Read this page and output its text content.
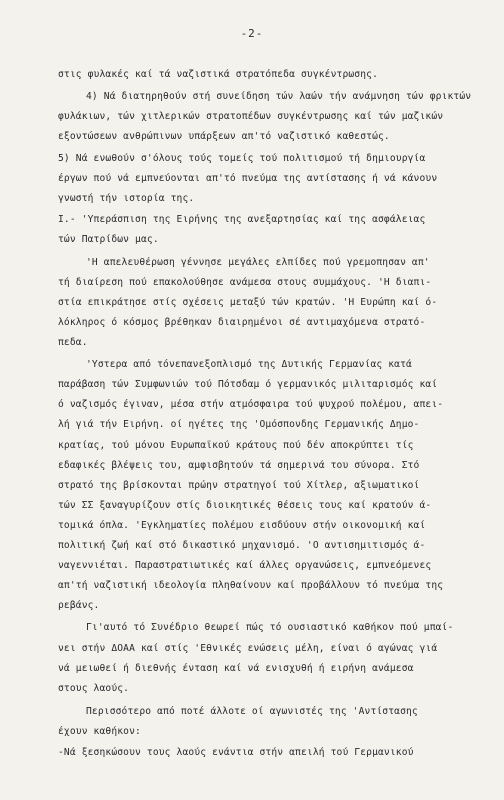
-2-
στις φυλακές καί τά ναζιστικά στρατόπεδα συγκέντρωσης.
4) Νά διατηρηθούν στή συνείδηση τών λαών τήν ανάμνηση τών φρικτών
φυλάκιων, τών χιτλερικών στρατοπέδων συγκέντρωσης καί τών μαζικών
εξοντώσεων ανθρώπινων υπάρξεων απ'τό ναζιστικό καθεστώς.
5) Νά ενωθούν σ'όλους τούς τομείς τού πολιτισμού τή δημιουργία
έργων πού νά εμπνεύονται απ'τό πνεύμα της αντίστασης ή νά κάνουν
γνωστή τήν ιστορία της.
Ι.- 'Υπεράσπιση της Ειρήνης της ανεξαρτησίας καί της ασφάλειας
τών Πατρίδων μας.
'Η απελευθέρωση γέννησε μεγάλες ελπίδες πού γρεμοπησαν απ'
τή διαίρεση πού επακολούθησε ανάμεσα στους συμμάχους. 'Η διαπι-
στία επικράτησε στίς σχέσεις μεταξύ τών κρατών. 'Η Ευρώπη καί ό-
λόκληρος ό κόσμος βρέθηκαν διαιρημένοι σέ αντιμαχόμενα στρατό-
πεδα.
'Υστερα από τόνεπανεξοπλισμό της Δυτικής Γερμανίας κατά
παράβαση τών Συμφωνιών τού Πότσδαμ ό γερμανικός μιλιταρισμός καί
ό ναζισμός έγιναν, μέσα στήν ατμόσφαιρα τού ψυχρού πολέμου, απει-
λή γιά τήν Ειρήνη. οί ηγέτες της 'Ομόσπονδης Γερμανικής Δημο-
κρατίας, τού μόνου Ευρωπαϊκού κράτους πού δέν αποκρύπτει τίς
εδαφικές βλέψεις του, αμφισβητούν τά σημερινά του σύνορα. Στό
στρατό της βρίσκονται πρώην στρατηγοί τού Χίτλερ, αξιωματικοί
τών ΣΣ ξαναγυρίζουν στίς διοικητικές θέσεις τους καί κρατούν ά-
τομικά όπλα. 'Εγκληματίες πολέμου εισδύουν στήν οικονομική καί
πολιτική ζωή καί στό δικαστικό μηχανισμό. 'Ο αντισημιτισμός ά-
ναγεννιέται. Παραστρατιωτικές καί άλλες οργανώσεις, εμπνεόμενες
απ'τή ναζιστική ιδεολογία πληθαίνουν καί προβάλλουν τό πνεύμα της
ρεβάνς.
Γι'αυτό τό Συνέδριο θεωρεί πώς τό ουσιαστικό καθήκον πού μπαί-
νει στήν ΔΟΑΑ καί στίς 'Εθνικές ενώσεις μέλη, είναι ό αγώνας γιά
νά μειωθεί ή διεθνής ένταση καί νά ενισχυθή ή ειρήνη ανάμεσα
στους λαούς.
Περισσότερο από ποτέ άλλοτε οί αγωνιστές της 'Αντίστασης
έχουν καθήκον:
-Νά ξεσηκώσουν τους λαούς ενάντια στήν απειλή τού Γερμανικού
